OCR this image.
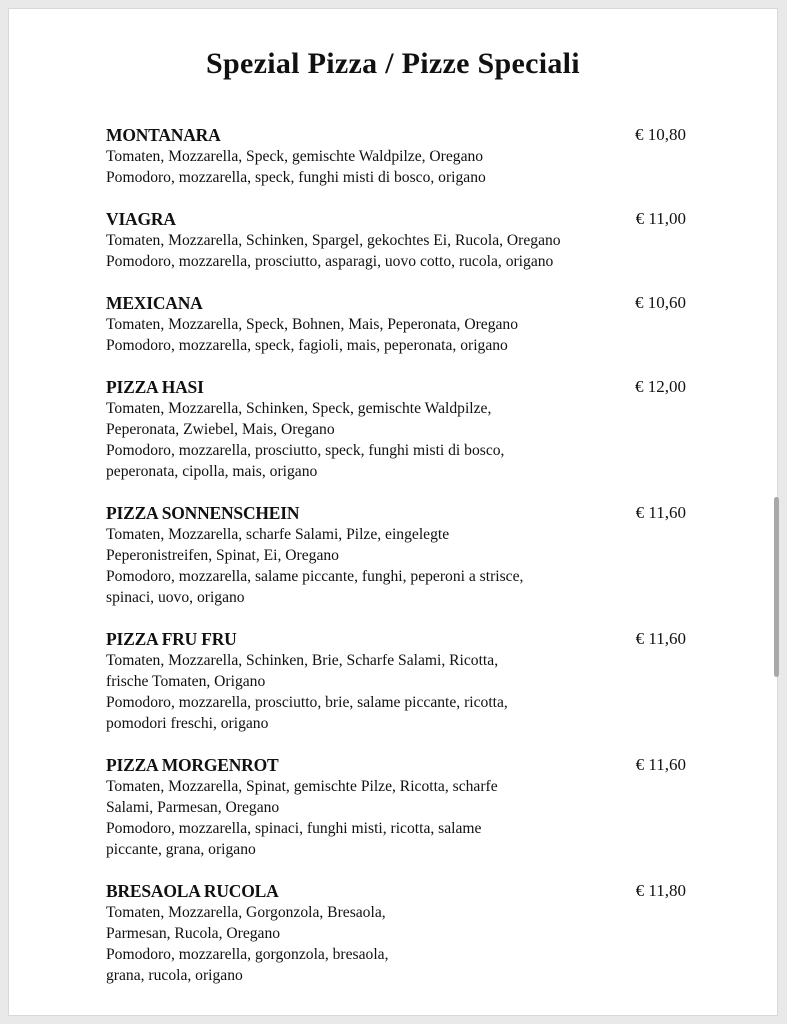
Spezial Pizza / Pizze Speciali
MONTANARA	€ 10,80
Tomaten, Mozzarella, Speck, gemischte Waldpilze, Oregano
Pomodoro, mozzarella, speck, funghi misti di bosco, origano
VIAGRA	€ 11,00
Tomaten, Mozzarella, Schinken, Spargel, gekochtes Ei, Rucola, Oregano
Pomodoro, mozzarella, prosciutto, asparagi, uovo cotto, rucola, origano
MEXICANA	€ 10,60
Tomaten, Mozzarella, Speck, Bohnen, Mais, Peperonata, Oregano
Pomodoro, mozzarella, speck, fagioli, mais, peperonata, origano
PIZZA HASI	€ 12,00
Tomaten, Mozzarella, Schinken, Speck, gemischte Waldpilze,
Peperonata, Zwiebel, Mais, Oregano
Pomodoro, mozzarella, prosciutto, speck, funghi misti di bosco,
peperonata, cipolla, mais, origano
PIZZA SONNENSCHEIN	€ 11,60
Tomaten, Mozzarella, scharfe Salami, Pilze, eingelegte
Peperonistreifen, Spinat, Ei, Oregano
Pomodoro, mozzarella, salame piccante, funghi, peperoni a strisce,
spinaci, uovo, origano
PIZZA FRU FRU	€ 11,60
Tomaten, Mozzarella, Schinken, Brie, Scharfe Salami, Ricotta,
frische Tomaten, Origano
Pomodoro, mozzarella, prosciutto, brie, salame piccante, ricotta,
pomodori freschi, origano
PIZZA MORGENROT	€ 11,60
Tomaten, Mozzarella, Spinat, gemischte Pilze, Ricotta, scharfe
Salami, Parmesan, Oregano
Pomodoro, mozzarella, spinaci, funghi misti, ricotta, salame
piccante, grana, origano
BRESAOLA RUCOLA	€ 11,80
Tomaten, Mozzarella, Gorgonzola, Bresaola,
Parmesan, Rucola, Oregano
Pomodoro, mozzarella, gorgonzola, bresaola,
grana, rucola, origano
